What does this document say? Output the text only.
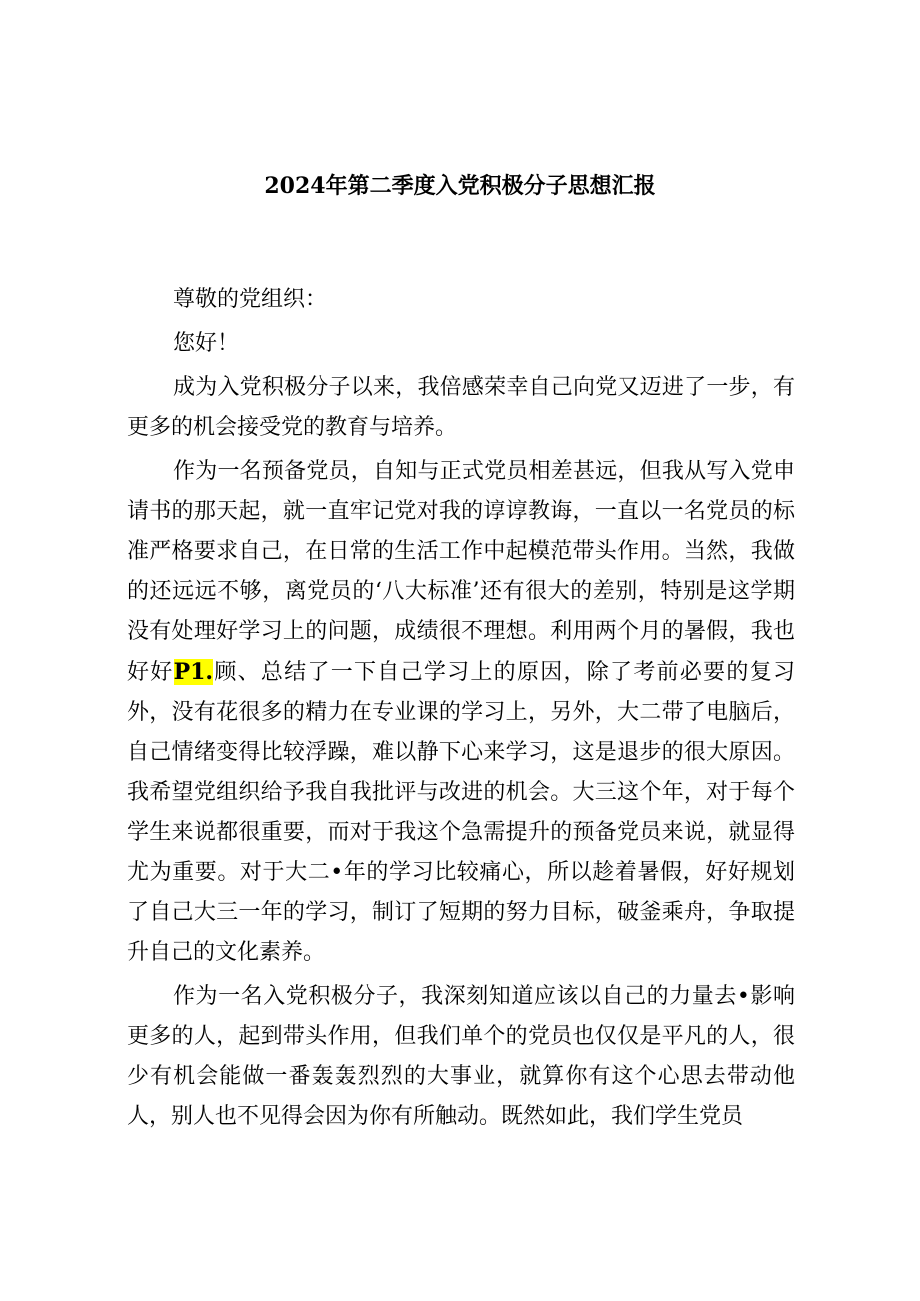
2024年第二季度入党积极分子思想汇报

尊敬的党组织：

您好！

成为入党积极分子以来，我倍感荣幸自己向党又迈进了一步，有更多的机会接受党的教育与培养。

作为一名预备党员，自知与正式党员相差甚远，但我从写入党申请书的那天起，就一直牢记党对我的谆谆教诲，一直以一名党员的标准严格要求自己，在日常的生活工作中起模范带头作用。当然，我做的还远远不够，离党员的‘八大标准’还有很大的差别，特别是这学期没有处理好学习上的问题，成绩很不理想。利用两个月的暑假，我也好好P1.顾、总结了一下自己学习上的原因，除了考前必要的复习外，没有花很多的精力在专业课的学习上，另外，大二带了电脑后，自己情绪变得比较浮躁，难以静下心来学习，这是退步的很大原因。我希望党组织给予我自我批评与改进的机会。大三这个年，对于每个学生来说都很重要，而对于我这个急需提升的预备党员来说，就显得尤为重要。对于大二•年的学习比较痛心，所以趁着暑假，好好规划了自己大三一年的学习，制订了短期的努力目标，破釜乘舟，争取提升自己的文化素养。

作为一名入党积极分子，我深刻知道应该以自己的力量去•影响更多的人，起到带头作用，但我们单个的党员也仅仅是平凡的人，很少有机会能做一番轰轰烈烈的大事业，就算你有这个心思去带动他人，别人也不见得会因为你有所触动。既然如此，我们学生党员
